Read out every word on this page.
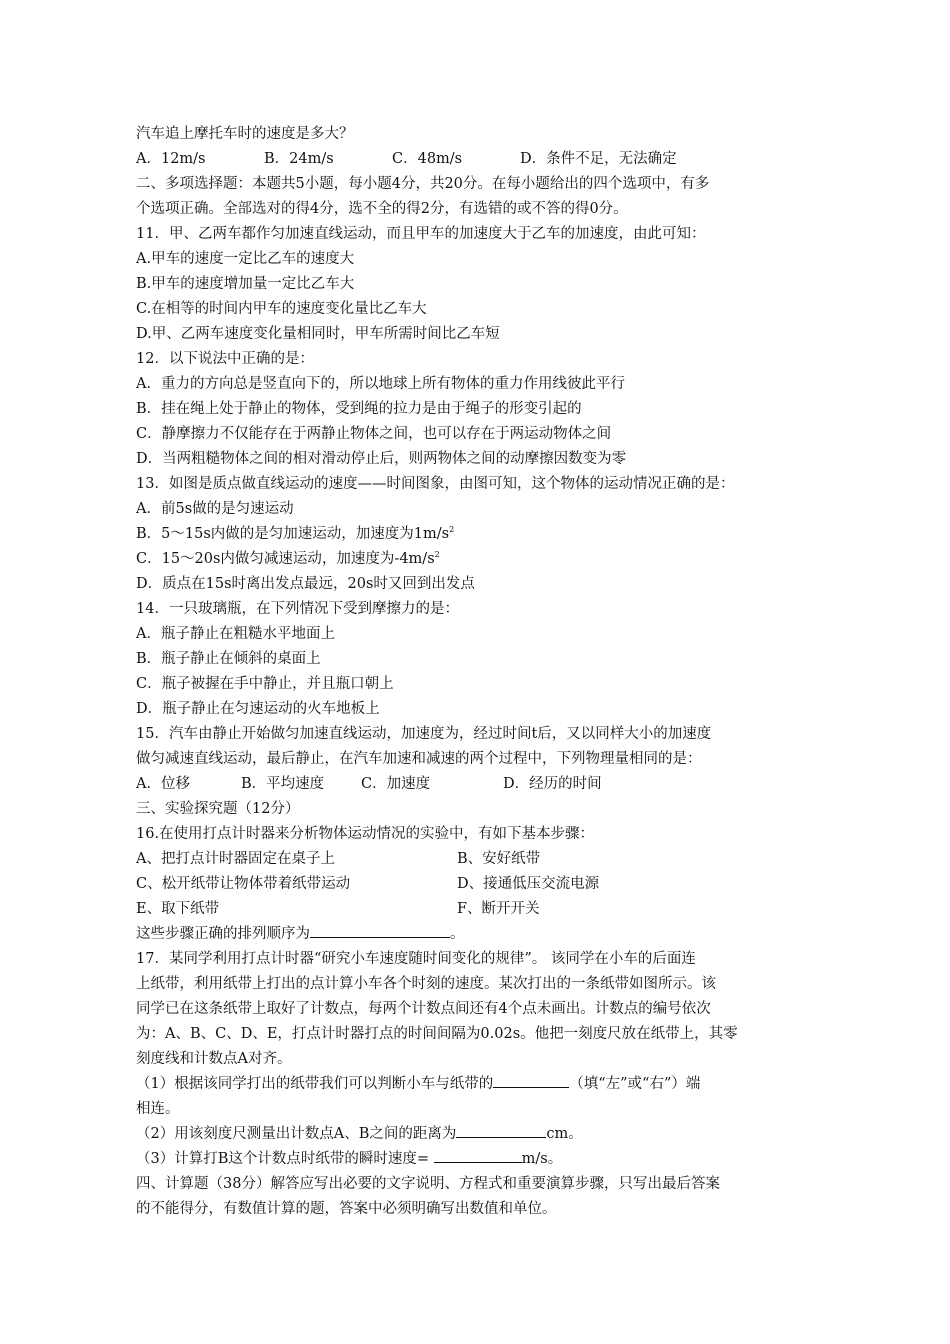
汽车追上摩托车时的速度是多大？
A．12m/s	B．24m/s	C．48m/s	D．条件不足，无法确定
二、多项选择题：本题共5小题，每小题4分，共20分。在每小题给出的四个选项中，有多
个选项正确。全部选对的得4分，选不全的得2分，有选错的或不答的得0分。
11．甲、乙两车都作匀加速直线运动，而且甲车的加速度大于乙车的加速度，由此可知：
A.甲车的速度一定比乙车的速度大
B.甲车的速度增加量一定比乙车大
C.在相等的时间内甲车的速度变化量比乙车大
D.甲、乙两车速度变化量相同时，甲车所需时间比乙车短
12．以下说法中正确的是：
A．重力的方向总是竖直向下的，所以地球上所有物体的重力作用线彼此平行
B．挂在绳上处于静止的物体，受到绳的拉力是由于绳子的形变引起的
C．静摩擦力不仅能存在于两静止物体之间，也可以存在于两运动物体之间
D．当两粗糙物体之间的相对滑动停止后，则两物体之间的动摩擦因数变为零
13．如图是质点做直线运动的速度——时间图象，由图可知，这个物体的运动情况正确的是：
A．前5s做的是匀速运动
B．5～15s内做的是匀加速运动，加速度为$1m/s^2$
C．15～20s内做匀减速运动，加速度为$-4m/s^2$
D．质点在15s时离出发点最远，20s时又回到出发点
14．一只玻璃瓶，在下列情况下受到摩擦力的是：
A．瓶子静止在粗糙水平地面上
B．瓶子静止在倾斜的桌面上
C．瓶子被握在手中静止，并且瓶口朝上
D．瓶子静止在匀速运动的火车地板上
15．汽车由静止开始做匀加速直线运动，加速度为，经过时间t后，又以同样大小的加速度
做匀减速直线运动，最后静止，在汽车加速和减速的两个过程中，下列物理量相同的是：
A．位移	B．平均速度	C．加速度	D．经历的时间
三、实验探究题（12分）
16.在使用打点计时器来分析物体运动情况的实验中，有如下基本步骤：
A、把打点计时器固定在桌子上	B、安好纸带
C、松开纸带让物体带着纸带运动	D、接通低压交流电源
E、取下纸带	F、断开开关
这些步骤正确的排列顺序为	。
17．某同学利用打点计时器“研究小车速度随时间变化的规律”。 该同学在小车的后面连
上纸带，利用纸带上打出的点计算小车各个时刻的速度。某次打出的一条纸带如图所示。该
同学已在这条纸带上取好了计数点，每两个计数点间还有4个点未画出。计数点的编号依次
为：A、B、C、D、E，打点计时器打点的时间间隔为0.02s。他把一刻度尺放在纸带上，其零
刻度线和计数点A对齐。
（1）根据该同学打出的纸带我们可以判断小车与纸带的	（填“左”或“右”）端
相连。
（2）用该刻度尺测量出计数点A、B之间的距离为	cm。
（3）计算打B这个计数点时纸带的瞬时速度=	m/s。
四、计算题（38分）解答应写出必要的文字说明、方程式和重要演算步骤，只写出最后答案
的不能得分，有数值计算的题，答案中必须明确写出数值和单位。
